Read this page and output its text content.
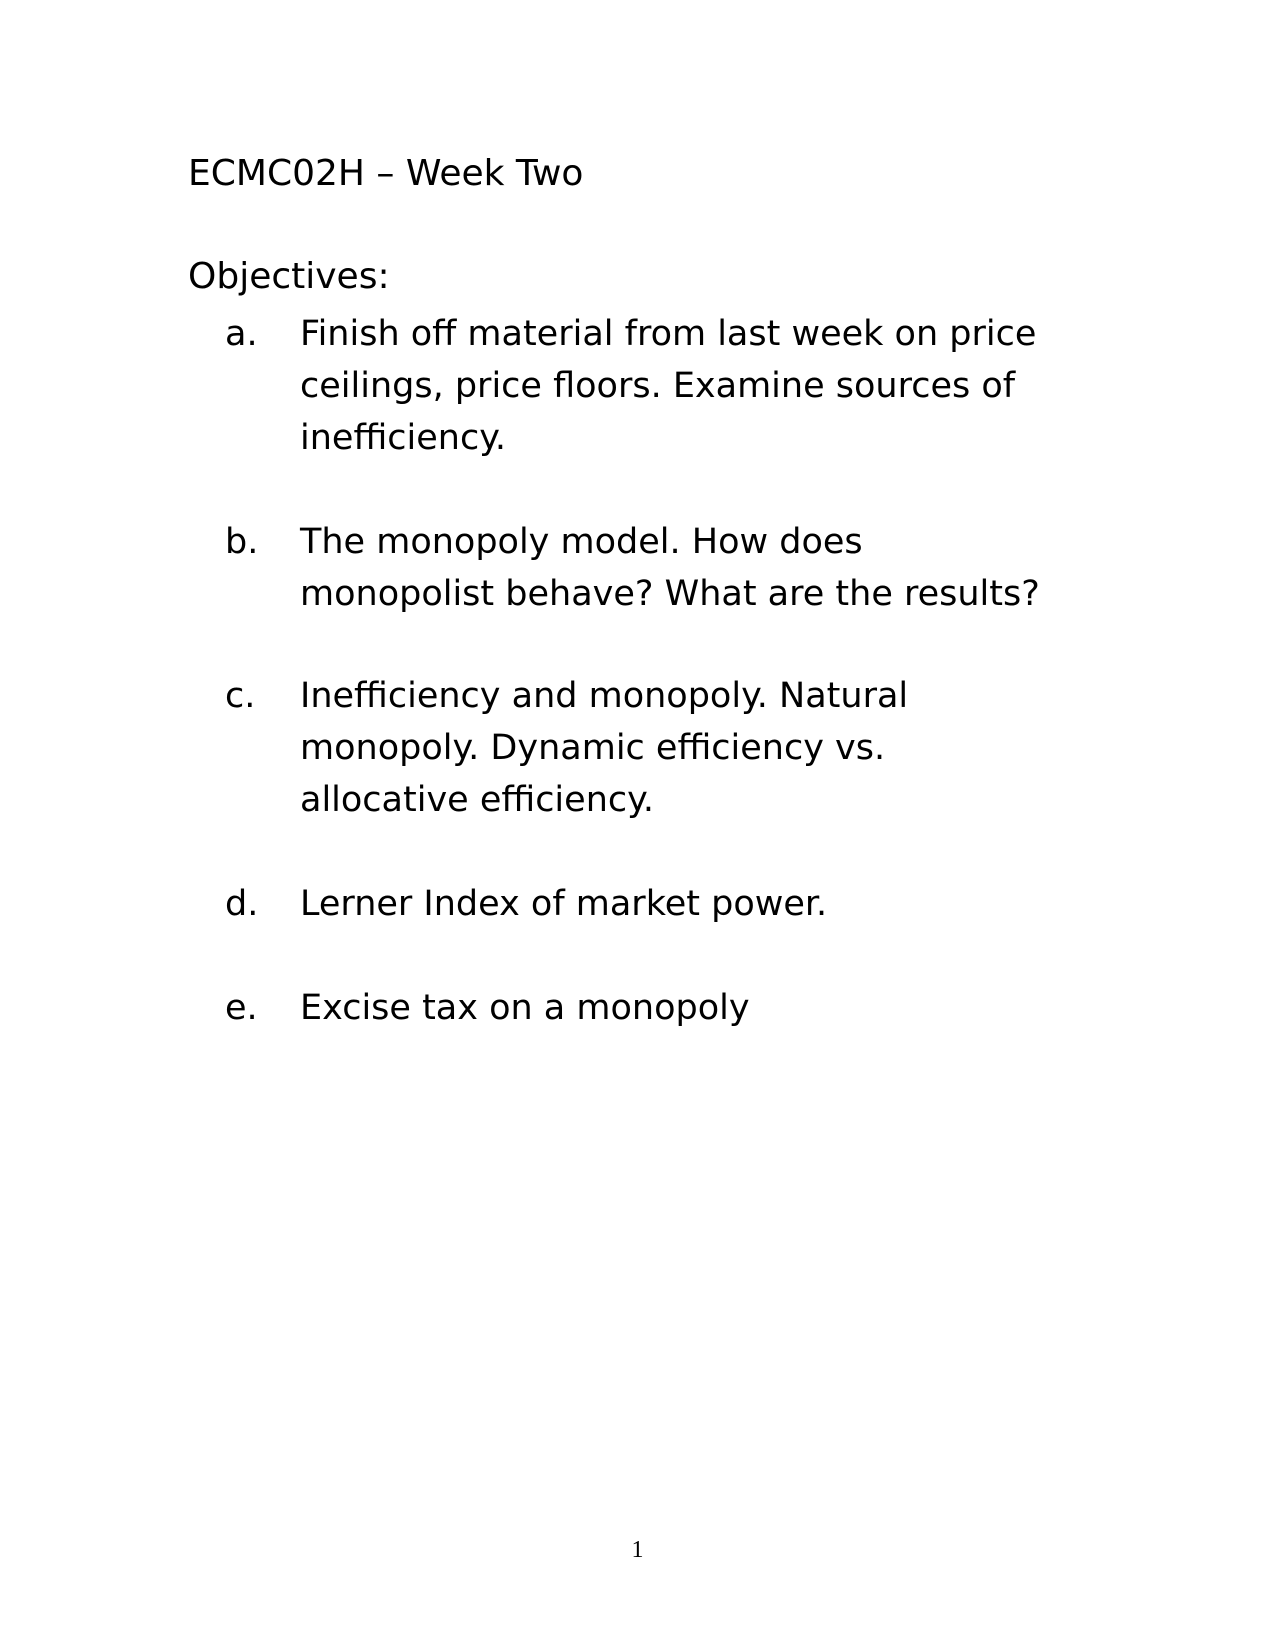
ECMC02H – Week Two
Objectives:
a. Finish off material from last week on price ceilings, price floors. Examine sources of inefficiency.
b. The monopoly model. How does monopolist behave? What are the results?
c. Inefficiency and monopoly. Natural monopoly. Dynamic efficiency vs. allocative efficiency.
d. Lerner Index of market power.
e. Excise tax on a monopoly
1
